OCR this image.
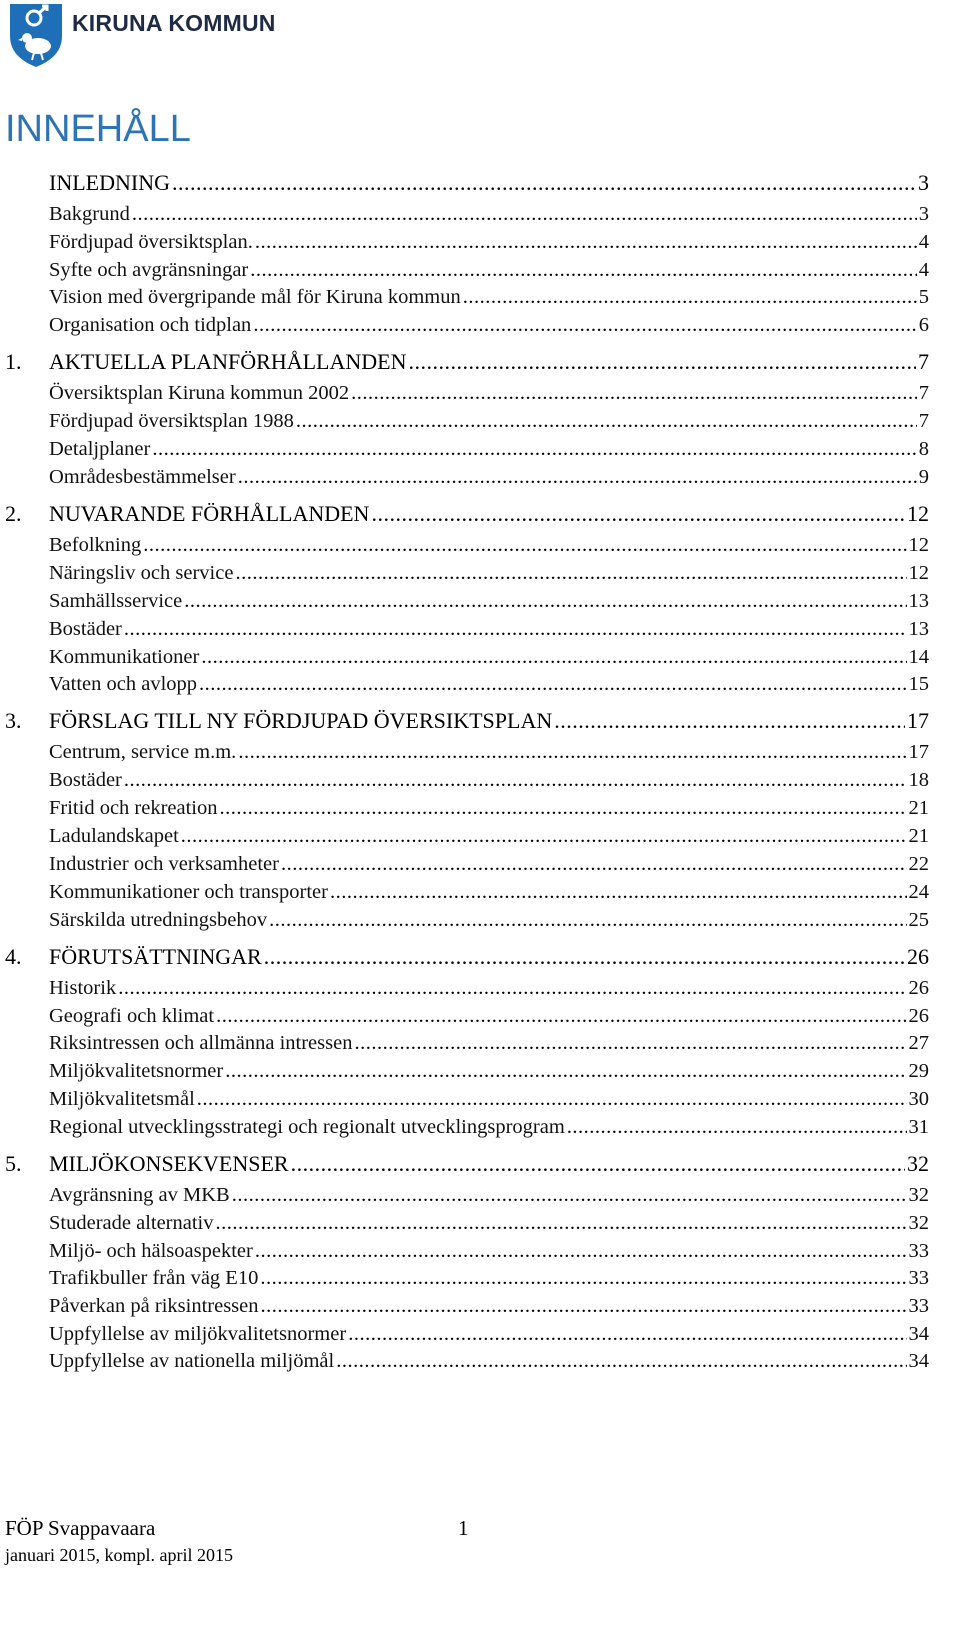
KIRUNA KOMMUN
INNEHÅLL
INLEDNING .....	3
Bakgrund .....	3
Fördjupad översiktsplan. .....	4
Syfte och avgränsningar .....	4
Vision med övergripande mål för Kiruna kommun .....	5
Organisation och tidplan .....	6
1.	AKTUELLA PLANFÖRHÅLLANDEN .....	7
Översiktsplan Kiruna kommun 2002 .....	7
Fördjupad översiktsplan 1988 .....	7
Detaljplaner .....	8
Områdesbestämmelser .....	9
2.	NUVARANDE FÖRHÅLLANDEN .....	12
Befolkning .....	12
Näringsliv och service .....	12
Samhällsservice .....	13
Bostäder .....	13
Kommunikationer .....	14
Vatten och avlopp .....	15
3.	FÖRSLAG TILL NY FÖRDJUPAD ÖVERSIKTSPLAN .....	17
Centrum, service m.m. .....	17
Bostäder .....	18
Fritid och rekreation .....	21
Ladulandskapet .....	21
Industrier och verksamheter .....	22
Kommunikationer och transporter .....	24
Särskilda utredningsbehov .....	25
4.	FÖRUTSÄTTNINGAR .....	26
Historik .....	26
Geografi och klimat .....	26
Riksintressen och allmänna intressen .....	27
Miljökvalitetsnormer .....	29
Miljökvalitetsmål .....	30
Regional utvecklingsstrategi och regionalt utvecklingsprogram .....	31
5.	MILJÖKONSEKVENSER .....	32
Avgränsning av MKB .....	32
Studerade alternativ .....	32
Miljö- och hälsoaspekter .....	33
Trafikbuller från väg E10 .....	33
Påverkan på riksintressen .....	33
Uppfyllelse av miljökvalitetsnormer .....	34
Uppfyllelse av nationella miljömål .....	34
FÖP Svappavaara	1
januari 2015, kompl. april 2015
